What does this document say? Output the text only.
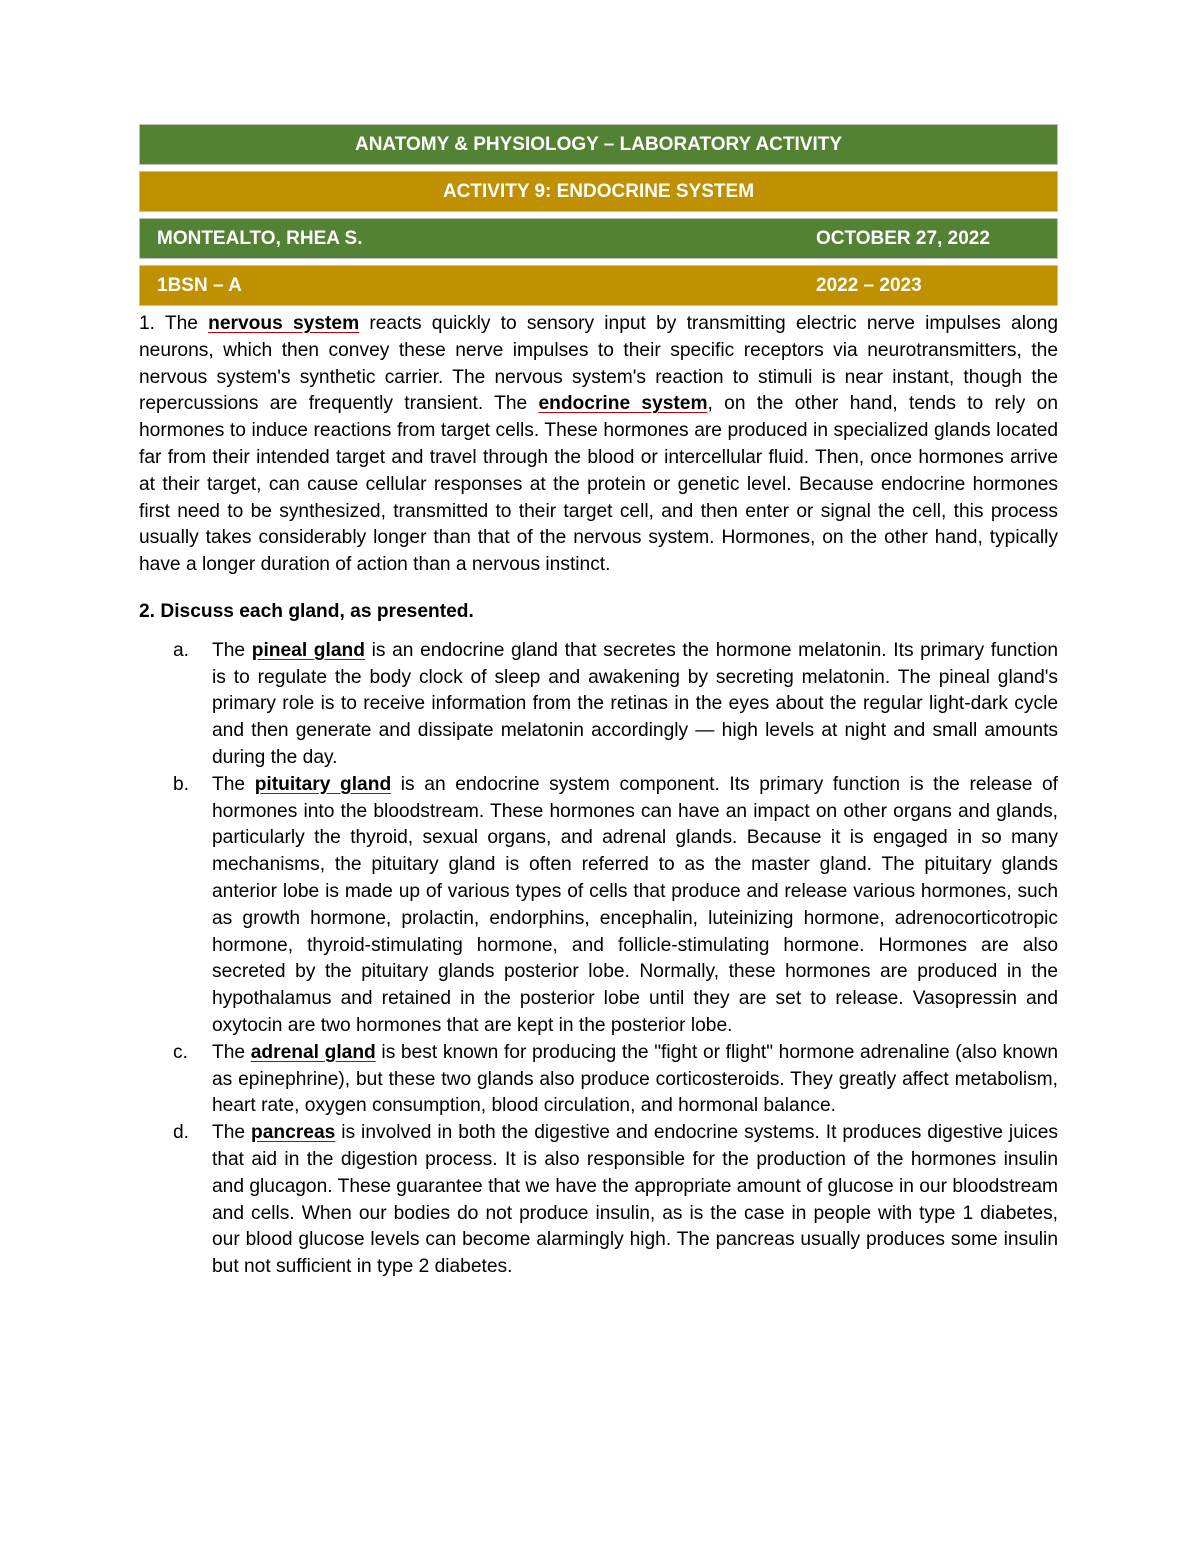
ANATOMY & PHYSIOLOGY – LABORATORY ACTIVITY
ACTIVITY 9: ENDOCRINE SYSTEM
MONTEALTO, RHEA S.	OCTOBER 27, 2022
1BSN – A	2022 – 2023

1. The nervous system reacts quickly to sensory input by transmitting electric nerve impulses along neurons, which then convey these nerve impulses to their specific receptors via neurotransmitters, the nervous system's synthetic carrier. The nervous system's reaction to stimuli is near instant, though the repercussions are frequently transient. The endocrine system, on the other hand, tends to rely on hormones to induce reactions from target cells. These hormones are produced in specialized glands located far from their intended target and travel through the blood or intercellular fluid. Then, once hormones arrive at their target, can cause cellular responses at the protein or genetic level. Because endocrine hormones first need to be synthesized, transmitted to their target cell, and then enter or signal the cell, this process usually takes considerably longer than that of the nervous system. Hormones, on the other hand, typically have a longer duration of action than a nervous instinct.

2. Discuss each gland, as presented.

a. The pineal gland is an endocrine gland that secretes the hormone melatonin. Its primary function is to regulate the body clock of sleep and awakening by secreting melatonin. The pineal gland's primary role is to receive information from the retinas in the eyes about the regular light-dark cycle and then generate and dissipate melatonin accordingly — high levels at night and small amounts during the day.
b. The pituitary gland is an endocrine system component. Its primary function is the release of hormones into the bloodstream. These hormones can have an impact on other organs and glands, particularly the thyroid, sexual organs, and adrenal glands. Because it is engaged in so many mechanisms, the pituitary gland is often referred to as the master gland. The pituitary glands anterior lobe is made up of various types of cells that produce and release various hormones, such as growth hormone, prolactin, endorphins, encephalin, luteinizing hormone, adrenocorticotropic hormone, thyroid-stimulating hormone, and follicle-stimulating hormone. Hormones are also secreted by the pituitary glands posterior lobe. Normally, these hormones are produced in the hypothalamus and retained in the posterior lobe until they are set to release. Vasopressin and oxytocin are two hormones that are kept in the posterior lobe.
c. The adrenal gland is best known for producing the "fight or flight" hormone adrenaline (also known as epinephrine), but these two glands also produce corticosteroids. They greatly affect metabolism, heart rate, oxygen consumption, blood circulation, and hormonal balance.
d. The pancreas is involved in both the digestive and endocrine systems. It produces digestive juices that aid in the digestion process. It is also responsible for the production of the hormones insulin and glucagon. These guarantee that we have the appropriate amount of glucose in our bloodstream and cells. When our bodies do not produce insulin, as is the case in people with type 1 diabetes, our blood glucose levels can become alarmingly high. The pancreas usually produces some insulin but not sufficient in type 2 diabetes.
